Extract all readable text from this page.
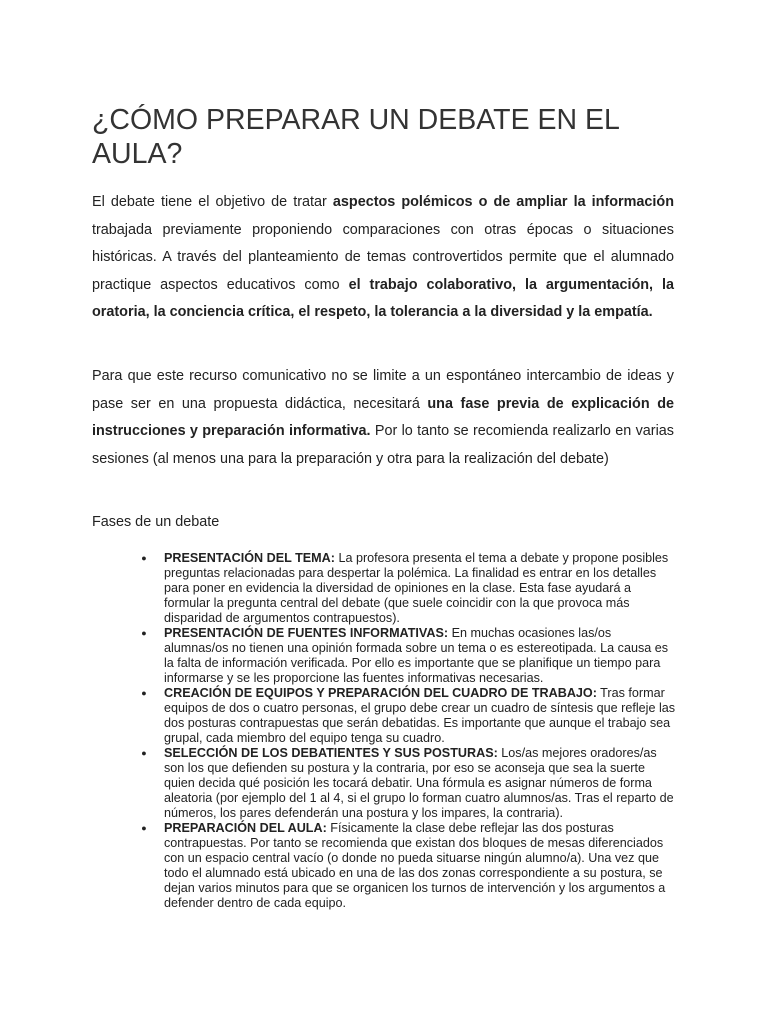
¿CÓMO PREPARAR UN DEBATE EN EL AULA?

El debate tiene el objetivo de tratar aspectos polémicos o de ampliar la información trabajada previamente proponiendo comparaciones con otras épocas o situaciones históricas. A través del planteamiento de temas controvertidos permite que el alumnado practique aspectos educativos como el trabajo colaborativo, la argumentación, la oratoria, la conciencia crítica, el respeto, la tolerancia a la diversidad y la empatía.

Para que este recurso comunicativo no se limite a un espontáneo intercambio de ideas y pase ser en una propuesta didáctica, necesitará una fase previa de explicación de instrucciones y preparación informativa. Por lo tanto se recomienda realizarlo en varias sesiones (al menos una para la preparación y otra para la realización del debate)

Fases de un debate

● PRESENTACIÓN DEL TEMA: La profesora presenta el tema a debate y propone posibles preguntas relacionadas para despertar la polémica. La finalidad es entrar en los detalles para poner en evidencia la diversidad de opiniones en la clase. Esta fase ayudará a formular la pregunta central del debate (que suele coincidir con la que provoca más disparidad de argumentos contrapuestos).
● PRESENTACIÓN DE FUENTES INFORMATIVAS: En muchas ocasiones las/os alumnas/os no tienen una opinión formada sobre un tema o es estereotipada. La causa es la falta de información verificada. Por ello es importante que se planifique un tiempo para informarse y se les proporcione las fuentes informativas necesarias.
● CREACIÓN DE EQUIPOS Y PREPARACIÓN DEL CUADRO DE TRABAJO: Tras formar equipos de dos o cuatro personas, el grupo debe crear un cuadro de síntesis que refleje las dos posturas contrapuestas que serán debatidas. Es importante que aunque el trabajo sea grupal, cada miembro del equipo tenga su cuadro.
● SELECCIÓN DE LOS DEBATIENTES Y SUS POSTURAS: Los/as mejores oradores/as son los que defienden su postura y la contraria, por eso se aconseja que sea la suerte quien decida qué posición les tocará debatir. Una fórmula es asignar números de forma aleatoria (por ejemplo del 1 al 4, si el grupo lo forman cuatro alumnos/as. Tras el reparto de números, los pares defenderán una postura y los impares, la contraria).
● PREPARACIÓN DEL AULA: Físicamente la clase debe reflejar las dos posturas contrapuestas. Por tanto se recomienda que existan dos bloques de mesas diferenciados con un espacio central vacío (o donde no pueda situarse ningún alumno/a). Una vez que todo el alumnado está ubicado en una de las dos zonas correspondiente a su postura, se dejan varios minutos para que se organicen los turnos de intervención y los argumentos a defender dentro de cada equipo.
